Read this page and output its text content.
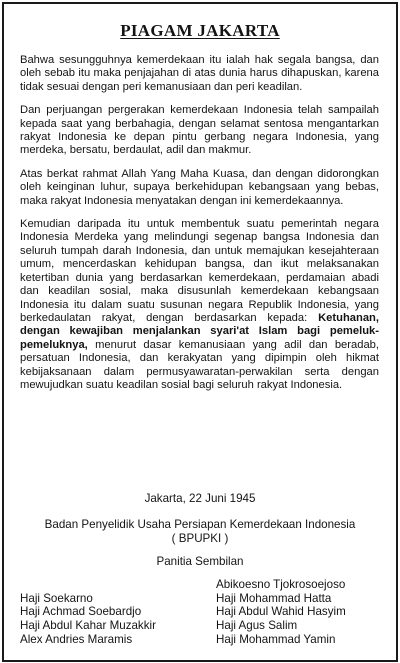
PIAGAM JAKARTA

Bahwa sesungguhnya kemerdekaan itu ialah hak segala bangsa, dan oleh sebab itu maka penjajahan di atas dunia harus dihapuskan, karena tidak sesuai dengan peri kemanusiaan dan peri keadilan.

Dan perjuangan pergerakan kemerdekaan Indonesia telah sampailah kepada saat yang berbahagia, dengan selamat sentosa mengantarkan rakyat Indonesia ke depan pintu gerbang negara Indonesia, yang merdeka, bersatu, berdaulat, adil dan makmur.

Atas berkat rahmat Allah Yang Maha Kuasa, dan dengan didorongkan oleh keinginan luhur, supaya berkehidupan kebangsaan yang bebas, maka rakyat Indonesia menyatakan dengan ini kemerdekaannya.

Kemudian daripada itu untuk membentuk suatu pemerintah negara Indonesia Merdeka yang melindungi segenap bangsa Indonesia dan seluruh tumpah darah Indonesia, dan untuk memajukan kesejahteraan umum, mencerdaskan kehidupan bangsa, dan ikut melaksanakan ketertiban dunia yang berdasarkan kemerdekaan, perdamaian abadi dan keadilan sosial, maka disusunlah kemerdekaan kebangsaan Indonesia itu dalam suatu susunan negara Republik Indonesia, yang berkedaulatan rakyat, dengan berdasarkan kepada: Ketuhanan, dengan kewajiban menjalankan syari'at Islam bagi pemeluk-pemeluknya, menurut dasar kemanusiaan yang adil dan beradab, persatuan Indonesia, dan kerakyatan yang dipimpin oleh hikmat kebijaksanaan dalam permusyawaratan-perwakilan serta dengan mewujudkan suatu keadilan sosial bagi seluruh rakyat Indonesia.

Jakarta, 22 Juni 1945
Badan Penyelidik Usaha Persiapan Kemerdekaan Indonesia
( BPUPKI )
Panitia Sembilan
Haji Soekarno
Haji Achmad Soebardjo
Haji Abdul Kahar Muzakkir
Alex Andries Maramis
Abikoesno Tjokrosoejoso
Haji Mohammad Hatta
Haji Abdul Wahid Hasyim
Haji Agus Salim
Haji Mohammad Yamin
